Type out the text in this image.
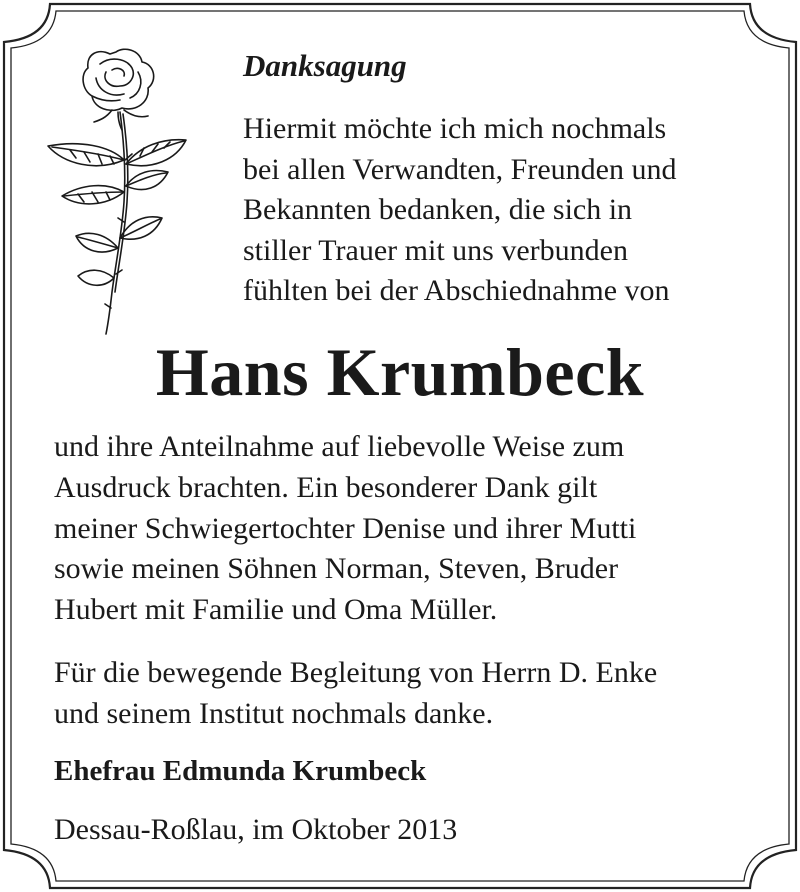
Danksagung
Hiermit möchte ich mich nochmals
bei allen Verwandten, Freunden und
Bekannten bedanken, die sich in
stiller Trauer mit uns verbunden
fühlten bei der Abschiednahme von
Hans Krumbeck
und ihre Anteilnahme auf liebevolle Weise zum
Ausdruck brachten. Ein besonderer Dank gilt
meiner Schwiegertochter Denise und ihrer Mutti
sowie meinen Söhnen Norman, Steven, Bruder
Hubert mit Familie und Oma Müller.
Für die bewegende Begleitung von Herrn D. Enke
und seinem Institut nochmals danke.
Ehefrau Edmunda Krumbeck
Dessau-Roßlau, im Oktober 2013
